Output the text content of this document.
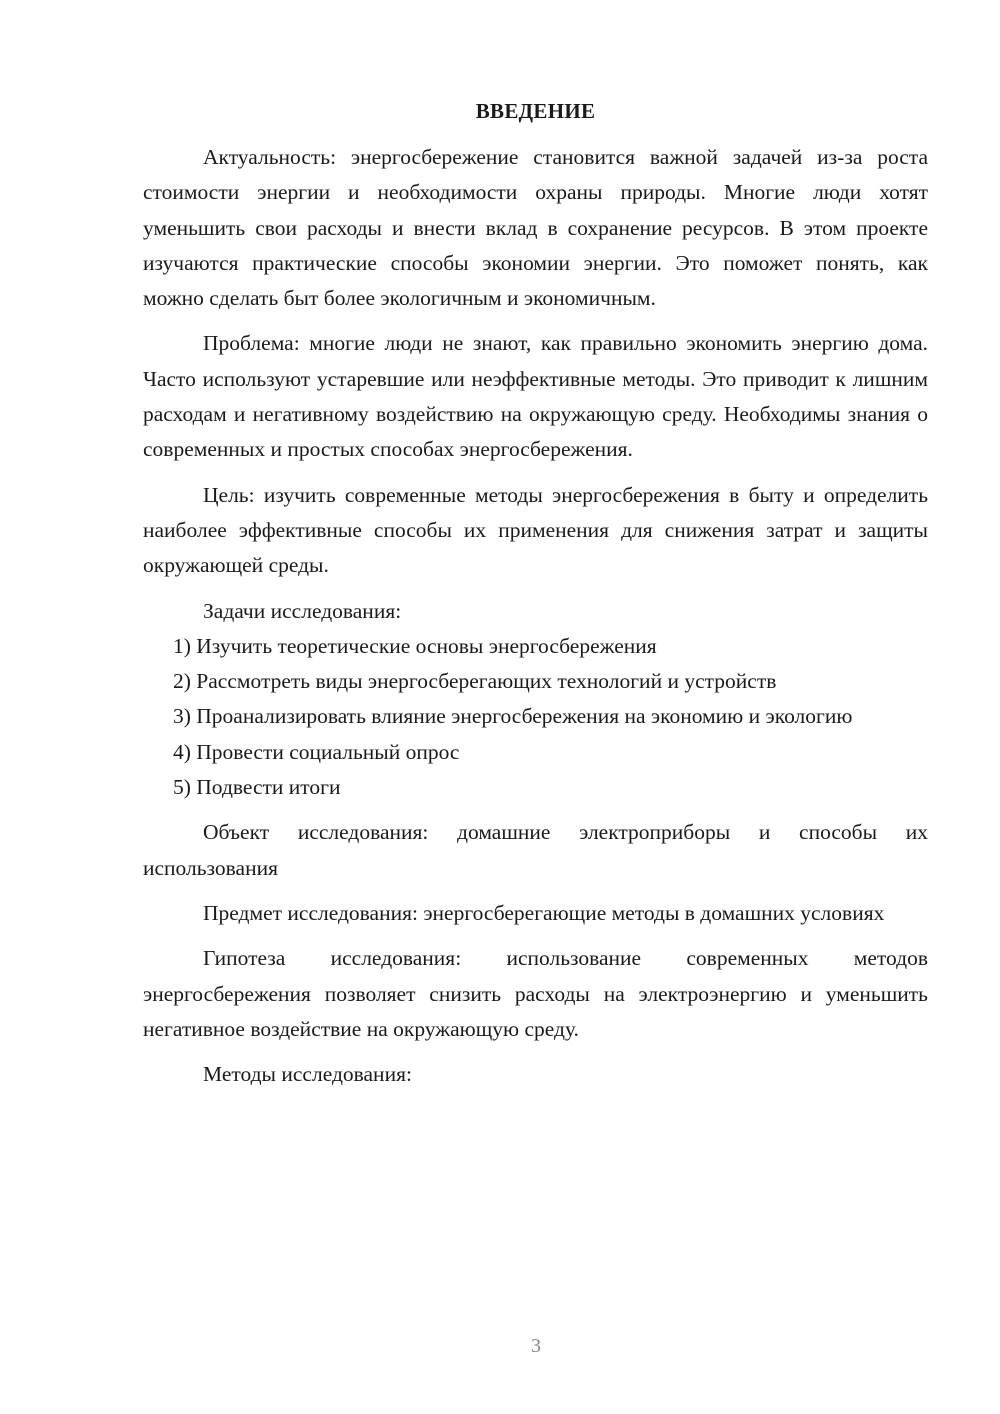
ВВЕДЕНИЕ

Актуальность: энергосбережение становится важной задачей из-за роста стоимости энергии и необходимости охраны природы. Многие люди хотят уменьшить свои расходы и внести вклад в сохранение ресурсов. В этом проекте изучаются практические способы экономии энергии. Это поможет понять, как можно сделать быт более экологичным и экономичным.

Проблема: многие люди не знают, как правильно экономить энергию дома. Часто используют устаревшие или неэффективные методы. Это приводит к лишним расходам и негативному воздействию на окружающую среду. Необходимы знания о современных и простых способах энергосбережения.

Цель: изучить современные методы энергосбережения в быту и определить наиболее эффективные способы их применения для снижения затрат и защиты окружающей среды.

Задачи исследования:

1) Изучить теоретические основы энергосбережения

2) Рассмотреть виды энергосберегающих технологий и устройств

3) Проанализировать влияние энергосбережения на экономию и экологию

4) Провести социальный опрос

5) Подвести итоги

Объект исследования: домашние электроприборы и способы их использования

Предмет исследования: энергосберегающие методы в домашних условиях

Гипотеза исследования: использование современных методов энергосбережения позволяет снизить расходы на электроэнергию и уменьшить негативное воздействие на окружающую среду.

Методы исследования:

3
